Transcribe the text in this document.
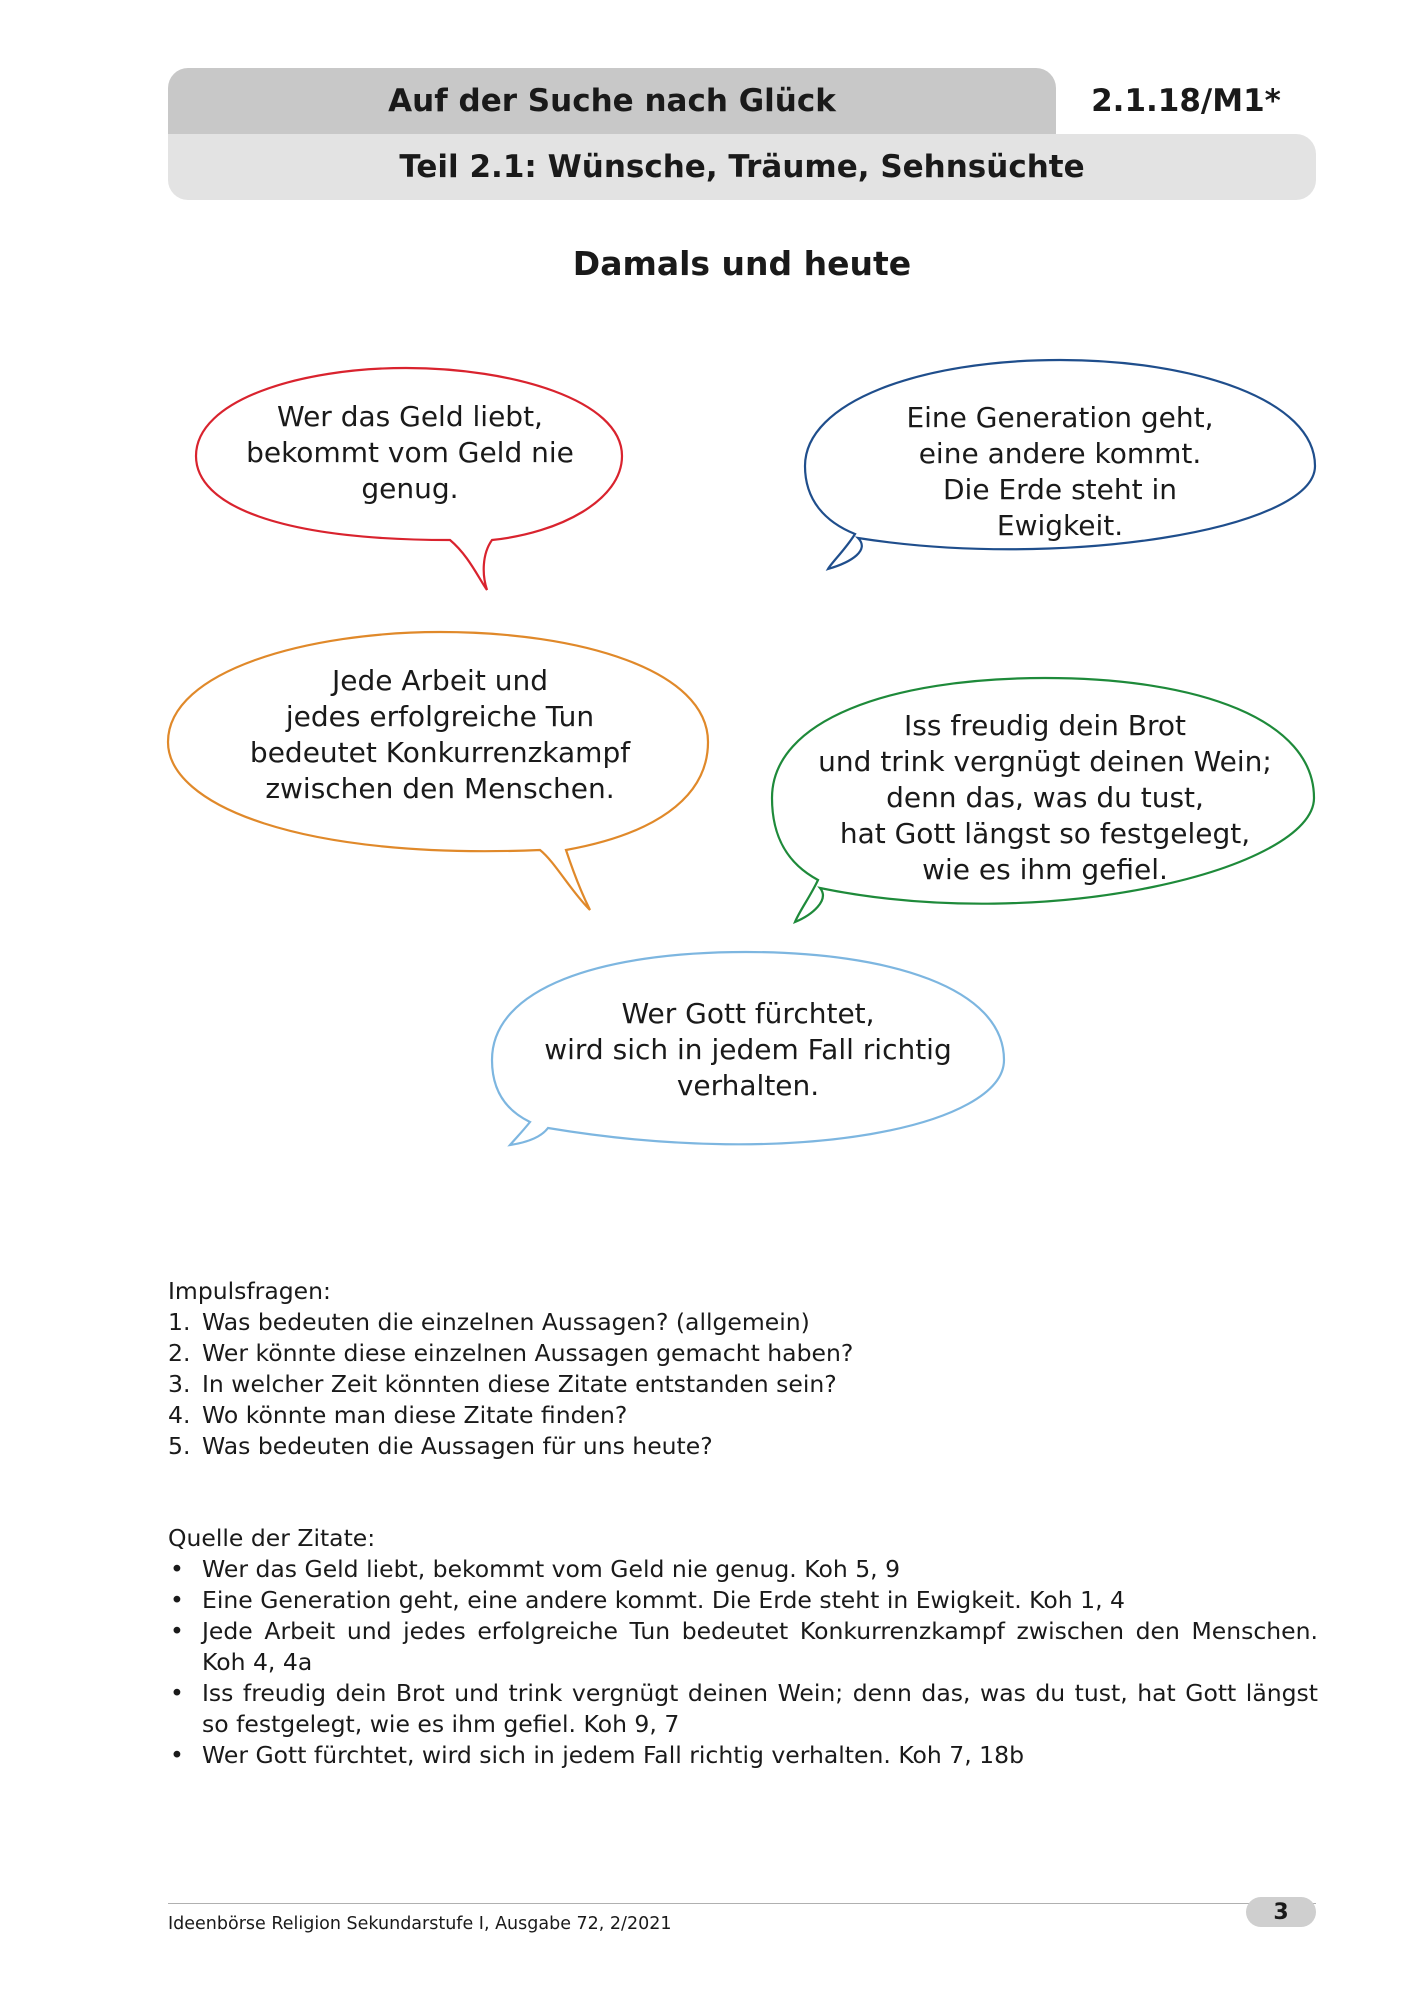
Auf der Suche nach Glück	2.1.18/M1*
Teil 2.1: Wünsche, Träume, Sehnsüchte
Damals und heute
Wer das Geld liebt,
bekommt vom Geld nie
genug.
Eine Generation geht,
eine andere kommt.
Die Erde steht in
Ewigkeit.
Jede Arbeit und
jedes erfolgreiche Tun
bedeutet Konkurrenzkampf
zwischen den Menschen.
Iss freudig dein Brot
und trink vergnügt deinen Wein;
denn das, was du tust,
hat Gott längst so festgelegt,
wie es ihm gefiel.
Wer Gott fürchtet,
wird sich in jedem Fall richtig
verhalten.
Impulsfragen:
1. Was bedeuten die einzelnen Aussagen? (allgemein)
2. Wer könnte diese einzelnen Aussagen gemacht haben?
3. In welcher Zeit könnten diese Zitate entstanden sein?
4. Wo könnte man diese Zitate finden?
5. Was bedeuten die Aussagen für uns heute?
Quelle der Zitate:
• Wer das Geld liebt, bekommt vom Geld nie genug. Koh 5, 9
• Eine Generation geht, eine andere kommt. Die Erde steht in Ewigkeit. Koh 1, 4
• Jede Arbeit und jedes erfolgreiche Tun bedeutet Konkurrenzkampf zwischen den Menschen. Koh 4, 4a
• Iss freudig dein Brot und trink vergnügt deinen Wein; denn das, was du tust, hat Gott längst so festgelegt, wie es ihm gefiel. Koh 9, 7
• Wer Gott fürchtet, wird sich in jedem Fall richtig verhalten. Koh 7, 18b
Ideenbörse Religion Sekundarstufe I, Ausgabe 72, 2/2021	3
